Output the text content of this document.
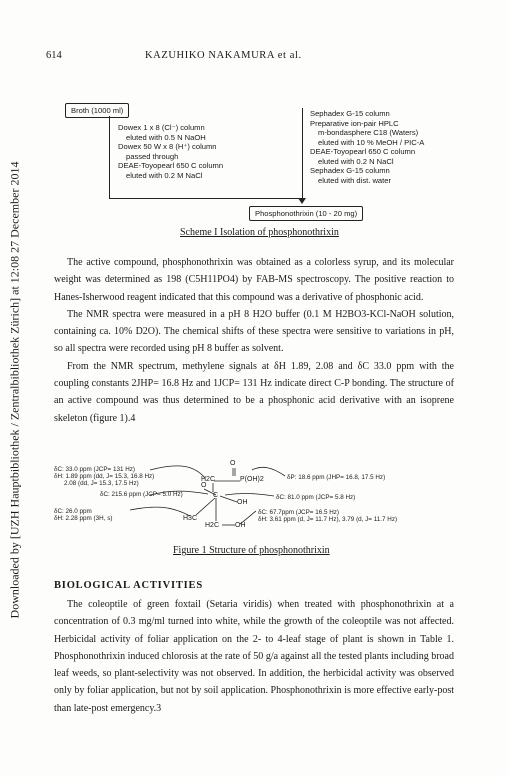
Downloaded by [UZH Hauptbibliothek / Zentralbibliothek Zürich] at 12:08 27 December 2014
614	KAZUHIKO NAKAMURA et al.
Broth (1000 ml)
Dowex 1 x 8 (Cl⁻) column
eluted with 0.5 N NaOH
Dowex 50 W x 8 (H⁺) column
passed through
DEAE-Toyopearl 650 C column
eluted with 0.2 M NaCl
Sephadex G-15 column
Preparative ion-pair HPLC
m-bondasphere C18 (Waters)
eluted with 10 % MeOH / PIC-A
DEAE-Toyopearl 650 C column
eluted with 0.2 N NaCl
Sephadex G-15 column
eluted with dist. water
Phosphonothrixin (10 - 20 mg)
Scheme I Isolation of phosphonothrixin

The active compound, phosphonothrixin was obtained as a colorless syrup, and its molecular weight was determined as 198 (C5H11PO4) by FAB-MS spectroscopy. The positive reaction to Hanes-Isherwood reagent indicated that this compound was a derivative of phosphonic acid.

The NMR spectra were measured in a pH 8 H2O buffer (0.1 M H2BO3-KCl-NaOH solution, containing ca. 10% D2O). The chemical shifts of these spectra were sensitive to variations in pH, so all spectra were recorded using pH 8 buffer as solvent.

From the NMR spectrum, methylene signals at δH 1.89, 2.08 and δC 33.0 ppm with the coupling constants 2JHP= 16.8 Hz and 1JCP= 131 Hz indicate direct C-P bonding. The structure of an active compound was thus determined to be a phosphonic acid derivative with an isoprene skeleton (figure 1).4

δC: 33.0 ppm (JCP= 131 Hz)
δH: 1.89 ppm (dd, J= 15.3, 16.8 Hz)
2.08 (dd, J= 15.3, 17.5 Hz)
δC: 215.6 ppm (JCP= 5.0 Hz)
δC: 26.0 ppm
δH: 2.28 ppm (3H, s)
δP: 18.6 ppm (JHP= 16.8, 17.5 Hz)
δC: 81.0 ppm (JCP= 5.8 Hz)
δC: 67.7ppm (JCP= 16.5 Hz)
δH: 3.61 ppm (d, J= 11.7 Hz), 3.79 (d, J= 11.7 Hz)
O
O
H2C	P(OH)2
C
OH
H3C
H2C OH
Figure 1 Structure of phosphonothrixin
BIOLOGICAL ACTIVITIES

The coleoptile of green foxtail (Setaria viridis) when treated with phosphonothrixin at a concentration of 0.3 mg/ml turned into white, while the growth of the coleoptile was not affected. Herbicidal activity of foliar application on the 2- to 4-leaf stage of plant is shown in Table 1. Phosphonothrixin induced chlorosis at the rate of 50 g/a against all the tested plants including broad leaf weeds, so plant-selectivity was not observed. In addition, the herbicidal activity was observed only by foliar application, but not by soil application. Phosphonothrixin is more effective early-post than late-post emergency.3
